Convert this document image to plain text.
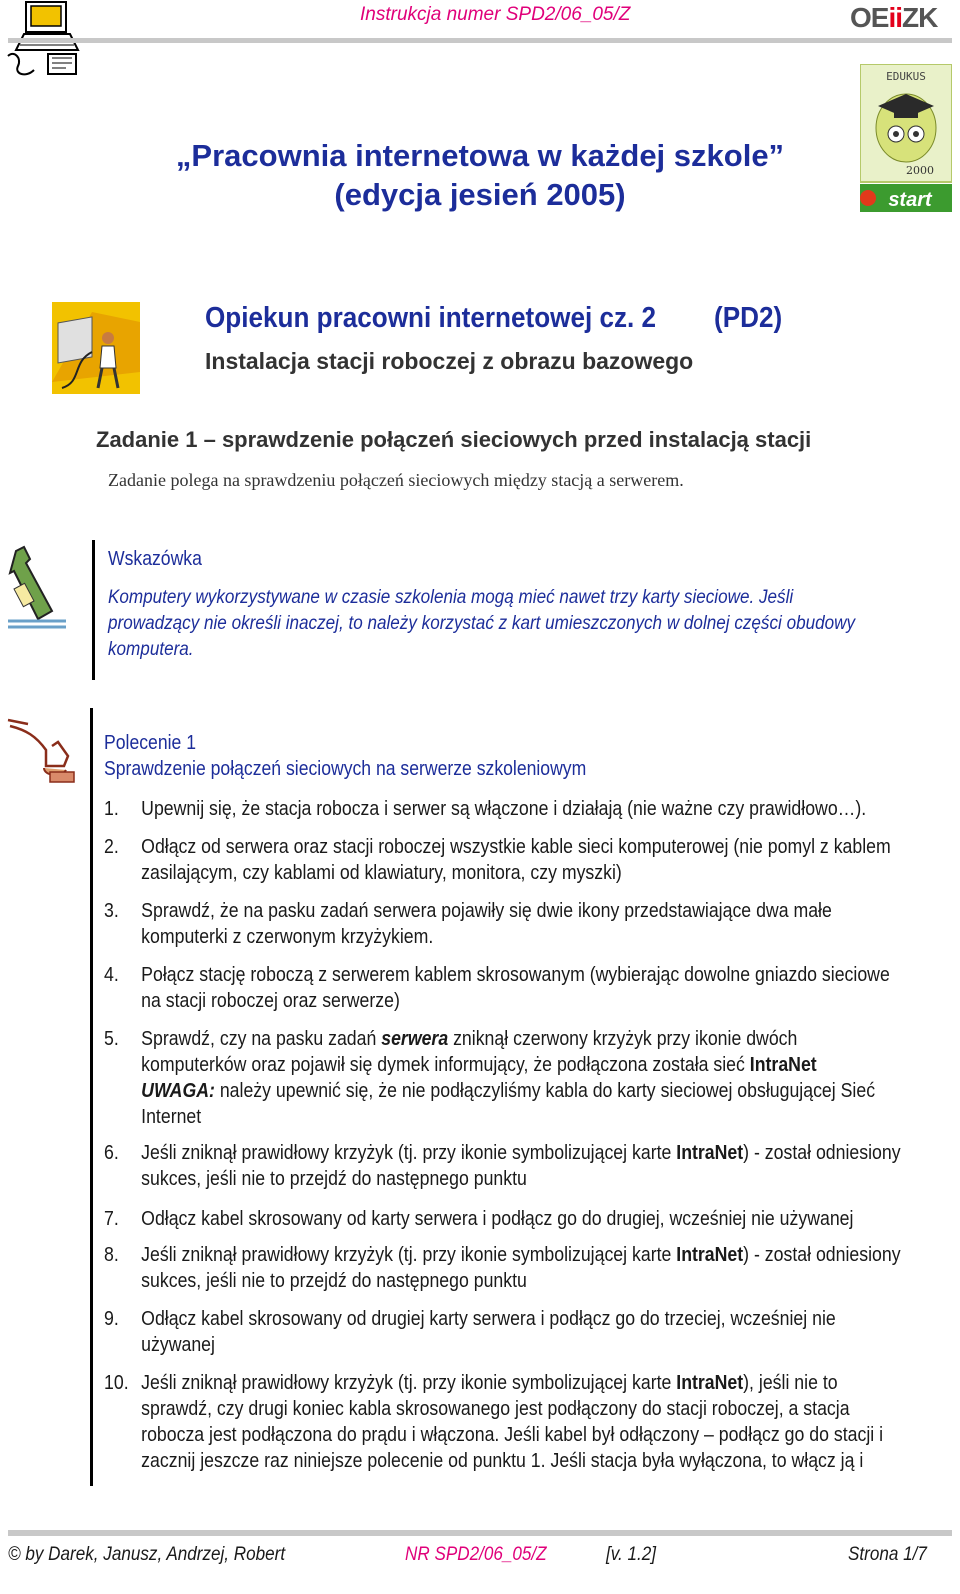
Instrukcja numer SPD2/06_05/Z	OEiiZK
EDUKUS
2000
start
„Pracownia internetowa w każdej szkole”
(edycja jesień 2005)
Opiekun pracowni internetowej cz. 2        (PD2)
Instalacja stacji roboczej z obrazu bazowego
Zadanie 1 – sprawdzenie połączeń sieciowych przed instalacją stacji
Zadanie polega na sprawdzeniu połączeń sieciowych między stacją a serwerem.
Wskazówka
Komputery wykorzystywane w czasie szkolenia mogą mieć nawet trzy karty sieciowe. Jeśli
prowadzący nie określi inaczej, to należy korzystać z kart umieszczonych w dolnej części obudowy
komputera.
Polecenie 1
Sprawdzenie połączeń sieciowych na serwerze szkoleniowym
1. Upewnij się, że stacja robocza i serwer są włączone i działają (nie ważne czy prawidłowo…).
2. Odłącz od serwera oraz stacji roboczej wszystkie kable sieci komputerowej (nie pomyl z kablem
zasilającym, czy kablami od klawiatury, monitora, czy myszki)
3. Sprawdź, że na pasku zadań serwera pojawiły się dwie ikony przedstawiające dwa małe
komputerki z czerwonym krzyżykiem.
4. Połącz stację roboczą z serwerem kablem skrosowanym (wybierając dowolne gniazdo sieciowe
na stacji roboczej oraz serwerze)
5. Sprawdź, czy na pasku zadań serwera zniknął czerwony krzyżyk przy ikonie dwóch
komputerków oraz pojawił się dymek informujący, że podłączona została sieć IntraNet
UWAGA: należy upewnić się, że nie podłączyliśmy kabla do karty sieciowej obsługującej Sieć
Internet
6. Jeśli zniknął prawidłowy krzyżyk (tj. przy ikonie symbolizującej karte IntraNet) - został odniesiony
sukces, jeśli nie to przejdź do następnego punktu
7. Odłącz kabel skrosowany od karty serwera i podłącz go do drugiej, wcześniej nie używanej
8. Jeśli zniknął prawidłowy krzyżyk (tj. przy ikonie symbolizującej karte IntraNet) - został odniesiony
sukces, jeśli nie to przejdź do następnego punktu
9. Odłącz kabel skrosowany od drugiej karty serwera i podłącz go do trzeciej, wcześniej nie
używanej
10. Jeśli zniknął prawidłowy krzyżyk (tj. przy ikonie symbolizującej karte IntraNet), jeśli nie to
sprawdź, czy drugi koniec kabla skrosowanego jest podłączony do stacji roboczej, a stacja
robocza jest podłączona do prądu i włączona. Jeśli kabel był odłączony – podłącz go do stacji i
zacznij jeszcze raz niniejsze polecenie od punktu 1. Jeśli stacja była wyłączona, to włącz ją i
© by Darek, Janusz, Andrzej, Robert	NR SPD2/06_05/Z	[v. 1.2]	Strona 1/7
